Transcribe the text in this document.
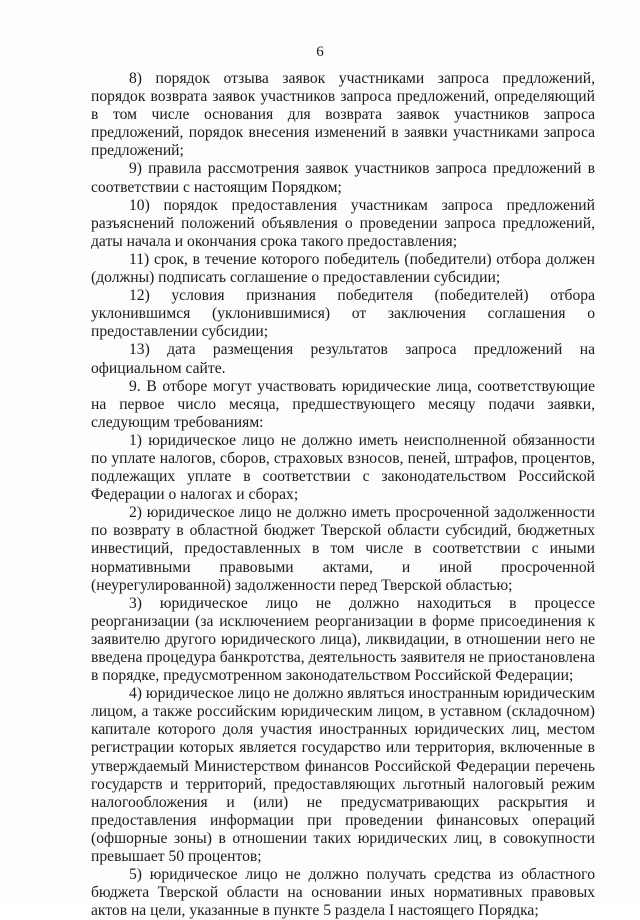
6

8) порядок отзыва заявок участниками запроса предложений, порядок возврата заявок участников запроса предложений, определяющий в том числе основания для возврата заявок участников запроса предложений, порядок внесения изменений в заявки участниками запроса предложений;

9) правила рассмотрения заявок участников запроса предложений в соответствии с настоящим Порядком;

10) порядок предоставления участникам запроса предложений разъяснений положений объявления о проведении запроса предложений, даты начала и окончания срока такого предоставления;

11) срок, в течение которого победитель (победители) отбора должен (должны) подписать соглашение о предоставлении субсидии;

12) условия признания победителя (победителей) отбора уклонившимся (уклонившимися) от заключения соглашения о предоставлении субсидии;

13) дата размещения результатов запроса предложений на официальном сайте.

9. В отборе могут участвовать юридические лица, соответствующие на первое число месяца, предшествующего месяцу подачи заявки, следующим требованиям:

1) юридическое лицо не должно иметь неисполненной обязанности по уплате налогов, сборов, страховых взносов, пеней, штрафов, процентов, подлежащих уплате в соответствии с законодательством Российской Федерации о налогах и сборах;

2) юридическое лицо не должно иметь просроченной задолженности по возврату в областной бюджет Тверской области субсидий, бюджетных инвестиций, предоставленных в том числе в соответствии с иными нормативными правовыми актами, и иной просроченной (неурегулированной) задолженности перед Тверской областью;

3) юридическое лицо не должно находиться в процессе реорганизации (за исключением реорганизации в форме присоединения к заявителю другого юридического лица), ликвидации, в отношении него не введена процедура банкротства, деятельность заявителя не приостановлена в порядке, предусмотренном законодательством Российской Федерации;

4) юридическое лицо не должно являться иностранным юридическим лицом, а также российским юридическим лицом, в уставном (складочном) капитале которого доля участия иностранных юридических лиц, местом регистрации которых является государство или территория, включенные в утверждаемый Министерством финансов Российской Федерации перечень государств и территорий, предоставляющих льготный налоговый режим налогообложения и (или) не предусматривающих раскрытия и предоставления информации при проведении финансовых операций (офшорные зоны) в отношении таких юридических лиц, в совокупности превышает 50 процентов;

5) юридическое лицо не должно получать средства из областного бюджета Тверской области на основании иных нормативных правовых актов на цели, указанные в пункте 5 раздела I настоящего Порядка;
